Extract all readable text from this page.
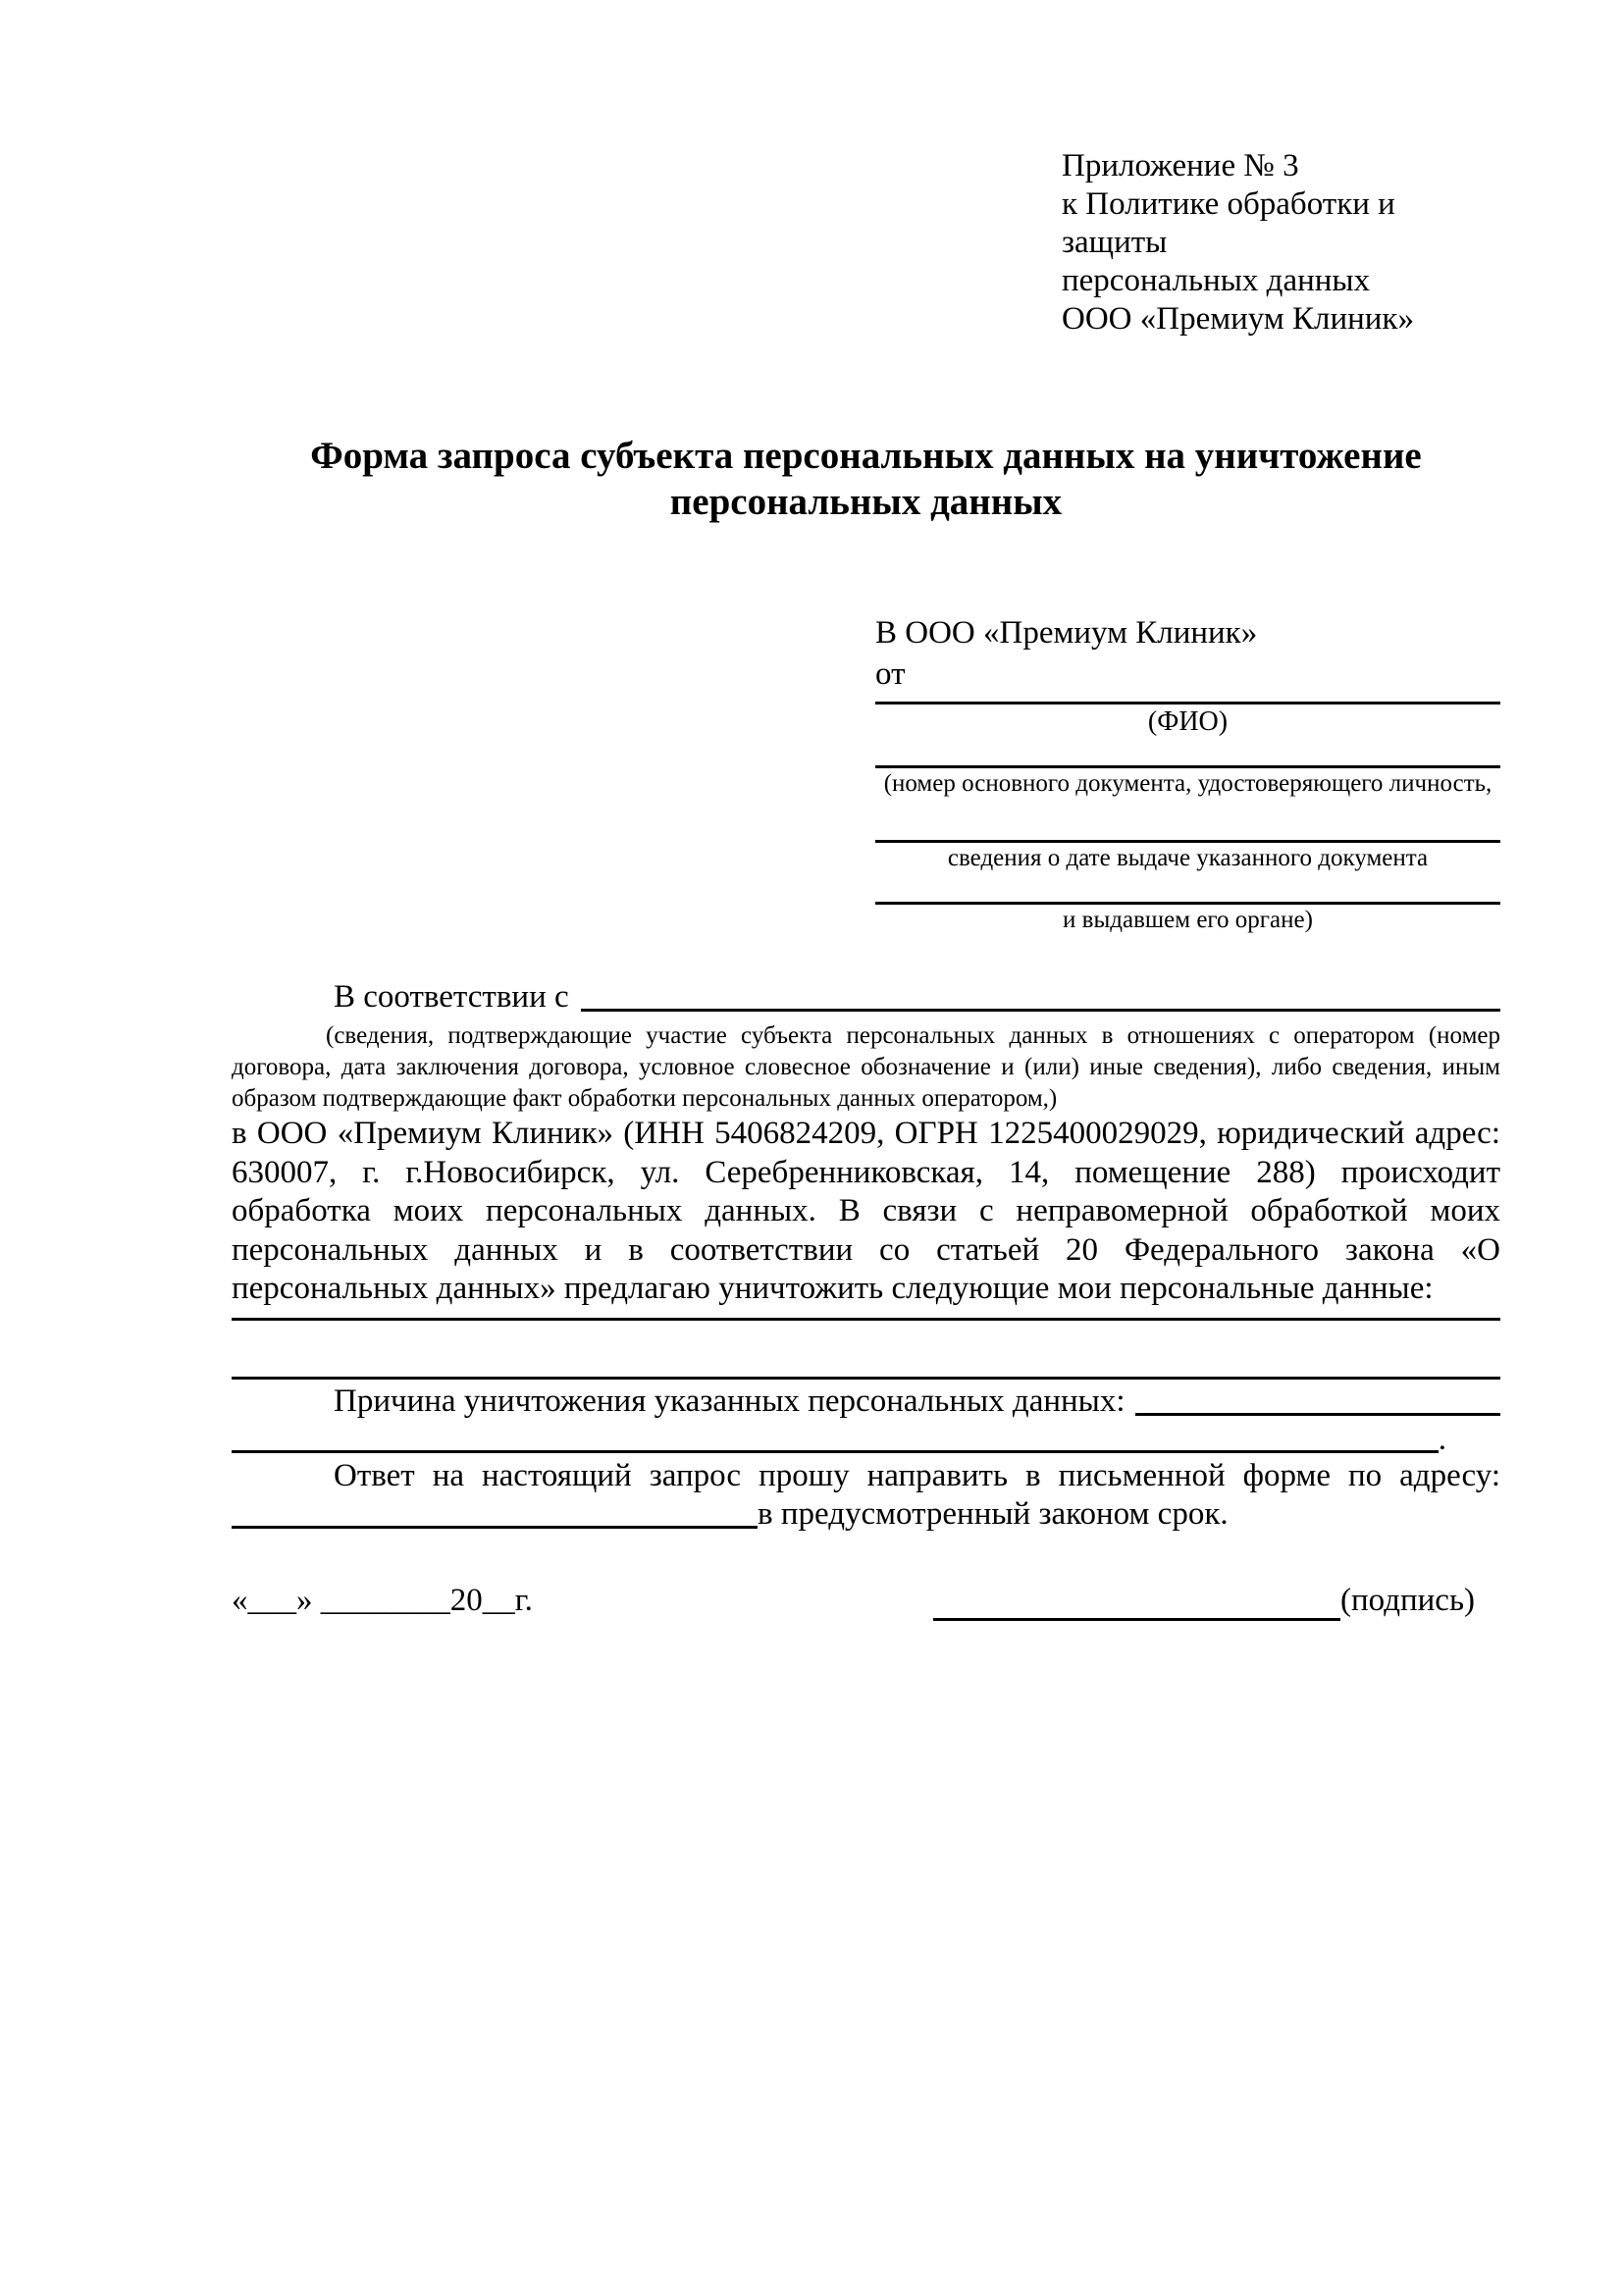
Приложение № 3
к Политике обработки и защиты
персональных данных
ООО «Премиум Клиник»
Форма запроса субъекта персональных данных на уничтожение персональных данных
В ООО «Премиум Клиник»
от
(ФИО)
(номер основного документа, удостоверяющего личность,
сведения о дате выдаче указанного документа
и выдавшем его органе)
В соответствии с
(сведения, подтверждающие участие субъекта персональных данных в отношениях с оператором (номер договора, дата заключения договора, условное словесное обозначение и (или) иные сведения), либо сведения, иным образом подтверждающие факт обработки персональных данных оператором,)
в ООО «Премиум Клиник» (ИНН 5406824209, ОГРН 1225400029029, юридический адрес: 630007, г. г.Новосибирск, ул. Серебренниковская, 14, помещение 288) происходит обработка моих персональных данных. В связи с неправомерной обработкой моих персональных данных и в соответствии со статьей 20 Федерального закона «О персональных данных» предлагаю уничтожить следующие мои персональные данные:
Причина уничтожения указанных персональных данных:
.
Ответ на настоящий запрос прошу направить в письменной форме по адресу:
в предусмотренный законом срок.
«___» ________20__г.	(подпись)
